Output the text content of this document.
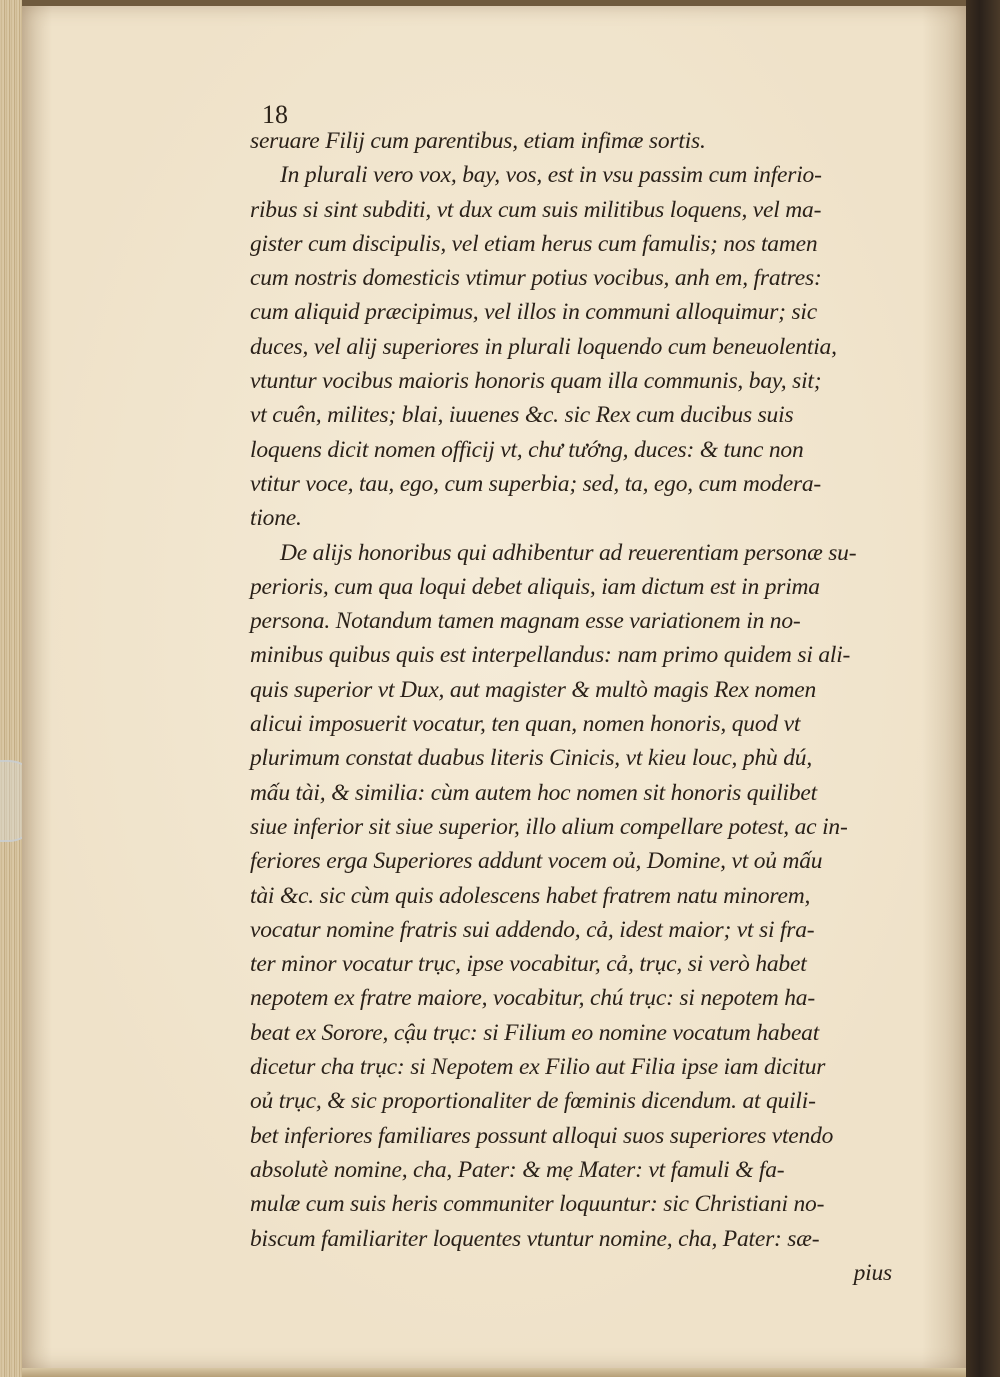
18
seruare Filij cum parentibus, etiam infimæ sortis.
In plurali vero vox, bay, vos, est in vsu passim cum inferio-
ribus si sint subditi, vt dux cum suis militibus loquens, vel ma-
gister cum discipulis, vel etiam herus cum famulis; nos tamen
cum nostris domesticis vtimur potius vocibus, anh em, fratres:
cum aliquid præcipimus, vel illos in communi alloquimur; sic
duces, vel alij superiores in plurali loquendo cum beneuolentia,
vtuntur vocibus maioris honoris quam illa communis, bay, sit;
vt cuên, milites; blai, iuuenes &c. sic Rex cum ducibus suis
loquens dicit nomen officij vt, chư tướng, duces: & tunc non
vtitur voce, tau, ego, cum superbia; sed, ta, ego, cum modera-
tione.
De alijs honoribus qui adhibentur ad reuerentiam personæ su-
perioris, cum qua loqui debet aliquis, iam dictum est in prima
persona. Notandum tamen magnam esse variationem in no-
minibus quibus quis est interpellandus: nam primo quidem si ali-
quis superior vt Dux, aut magister & multò magis Rex nomen
alicui imposuerit vocatur, ten quan, nomen honoris, quod vt
plurimum constat duabus literis Cinicis, vt kieu louc, phù dú,
mấu tài, & similia: cùm autem hoc nomen sit honoris quilibet
siue inferior sit siue superior, illo alium compellare potest, ac in-
feriores erga Superiores addunt vocem oủ, Domine, vt oủ mấu
tài &c. sic cùm quis adolescens habet fratrem natu minorem,
vocatur nomine fratris sui addendo, cả, idest maior; vt si fra-
ter minor vocatur trục, ipse vocabitur, cả, trục, si verò habet
nepotem ex fratre maiore, vocabitur, chú trục: si nepotem ha-
beat ex Sorore, cậu trục: si Filium eo nomine vocatum habeat
dicetur cha trục: si Nepotem ex Filio aut Filia ipse iam dicitur
oủ trục, & sic proportionaliter de fœminis dicendum. at quili-
bet inferiores familiares possunt alloqui suos superiores vtendo
absolutè nomine, cha, Pater: & mẹ Mater: vt famuli & fa-
mulæ cum suis heris communiter loquuntur: sic Christiani no-
biscum familiariter loquentes vtuntur nomine, cha, Pater: sæ-
pius
